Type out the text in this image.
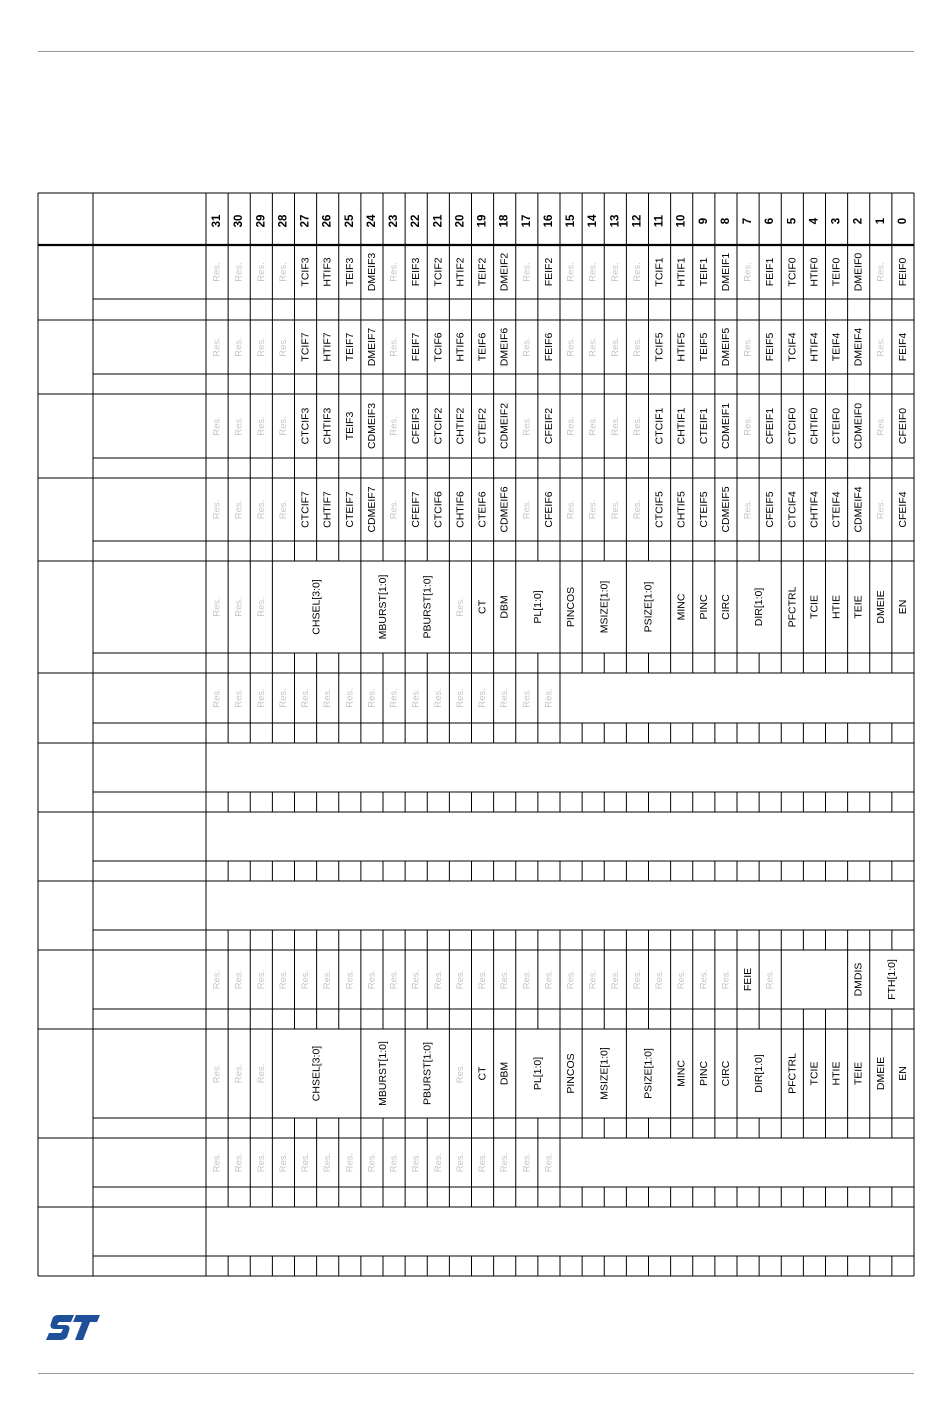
31 30 29 28 27 26 25 24 23 22 21 20 19 18 17 16 15 14 13 12 11 10 9 8 7 6 5 4 3 2 1 0
Res. Res. Res. Res. TCIF3 HTIF3 TEIF3 DMEIF3 Res. FEIF3 TCIF2 HTIF2 TEIF2 DMEIF2 Res. FEIF2 Res. Res. Res. Res. TCIF1 HTIF1 TEIF1 DMEIF1 Res. FEIF1 TCIF0 HTIF0 TEIF0 DMEIF0 Res. FEIF0
Res. Res. Res. Res. TCIF7 HTIF7 TEIF7 DMEIF7 Res. FEIF7 TCIF6 HTIF6 TEIF6 DMEIF6 Res. FEIF6 Res. Res. Res. Res. TCIF5 HTIF5 TEIF5 DMEIF5 Res. FEIF5 TCIF4 HTIF4 TEIF4 DMEIF4 Res. FEIF4
Res. Res. Res. Res. CTCIF3 CHTIF3 TEIF3 CDMEIF3 Res. CFEIF3 CTCIF2 CHTIF2 CTEIF2 CDMEIF2 Res. CFEIF2 Res. Res. Res. Res. CTCIF1 CHTIF1 CTEIF1 CDMEIF1 Res. CFEIF1 CTCIF0 CHTIF0 CTEIF0 CDMEIF0 Res. CFEIF0
Res. Res. Res. Res. CTCIF7 CHTIF7 CTEIF7 CDMEIF7 Res. CFEIF7 CTCIF6 CHTIF6 CTEIF6 CDMEIF6 Res. CFEIF6 Res. Res. Res. Res. CTCIF5 CHTIF5 CTEIF5 CDMEIF5 Res. CFEIF5 CTCIF4 CHTIF4 CTEIF4 CDMEIF4 Res. CFEIF4
Res. Res. Res.	CHSEL[3:0]	MBURST[1:0]	PBURST[1:0] Res. CT DBM PL[1:0] PINCOS MSIZE[1:0]	PSIZE[1:0] MINC PINC CIRC DIR[1:0] PFCTRL TCIE HTIE TEIE DMEIE EN
Res. Res. Res. Res. Res. Res. Res. Res. Res. Res. Res. Res. Res. Res. Res. Res.
Res. Res. Res. Res. Res. Res. Res. Res. Res. Res. Res. Res. Res. Res. Res. Res. Res. Res. Res. Res. Res. Res. Res. Res. FEIE Res.	DMDIS FTH[1:0]
Res. Res. Res.	CHSEL[3:0]	MBURST[1:0]	PBURST[1:0] Res. CT DBM PL[1:0] PINCOS MSIZE[1:0]	PSIZE[1:0] MINC PINC CIRC DIR[1:0] PFCTRL TCIE HTIE TEIE DMEIE EN
Res. Res. Res. Res. Res. Res. Res. Res. Res. Res. Res. Res. Res. Res. Res. Res.
